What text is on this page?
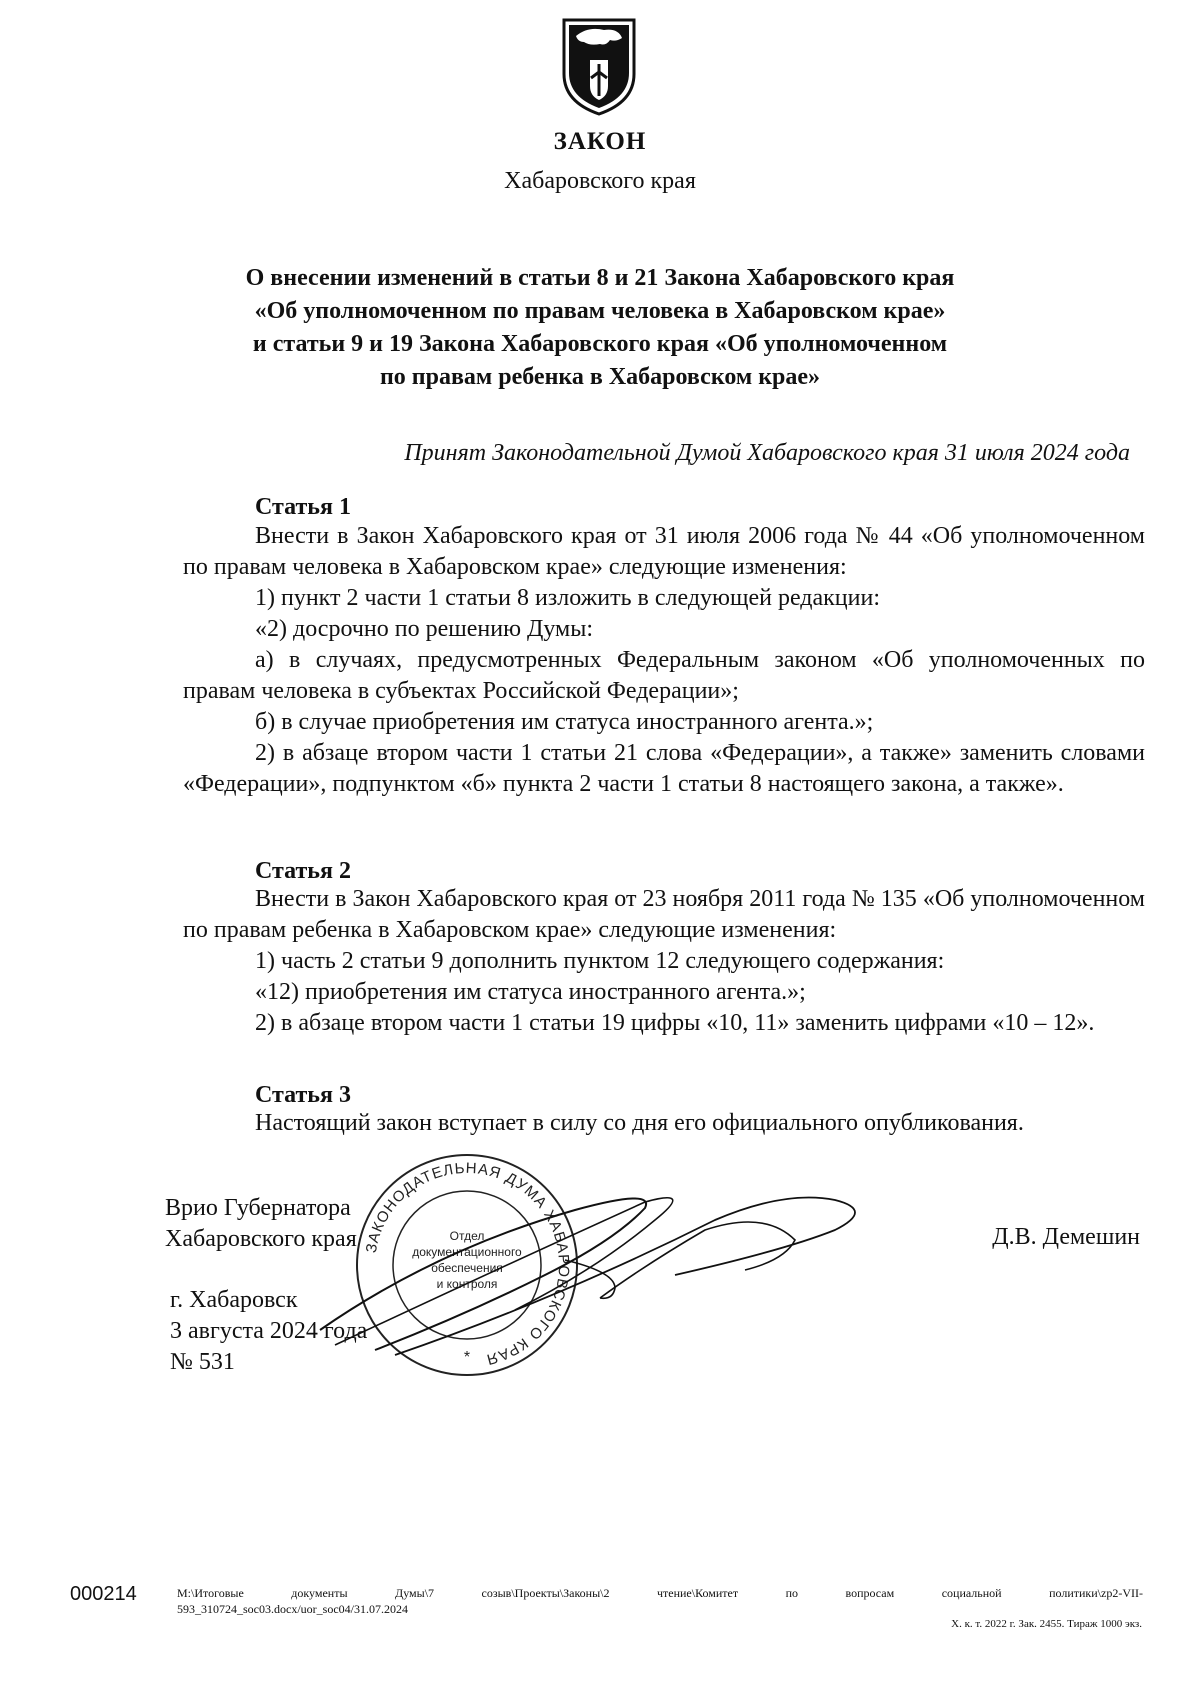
ЗАКОН
Хабаровского края
О внесении изменений в статьи 8 и 21 Закона Хабаровского края
«Об уполномоченном по правам человека в Хабаровском крае»
и статьи 9 и 19 Закона Хабаровского края «Об уполномоченном
по правам ребенка в Хабаровском крае»
Принят Законодательной Думой Хабаровского края 31 июля 2024 года
Статья 1

Внести в Закон Хабаровского края от 31 июля 2006 года № 44 «Об уполномоченном по правам человека в Хабаровском крае» следующие изменения:

1) пункт 2 части 1 статьи 8 изложить в следующей редакции:

«2) досрочно по решению Думы:

а) в случаях, предусмотренных Федеральным законом «Об уполномоченных по правам человека в субъектах Российской Федерации»;

б) в случае приобретения им статуса иностранного агента.»;

2) в абзаце втором части 1 статьи 21 слова «Федерации», а также» заменить словами «Федерации», подпунктом «б» пункта 2 части 1 статьи 8 настоящего закона, а также».

Статья 2

Внести в Закон Хабаровского края от 23 ноября 2011 года № 135 «Об уполномоченном по правам ребенка в Хабаровском крае» следующие изменения:

1) часть 2 статьи 9 дополнить пунктом 12 следующего содержания:

«12) приобретения им статуса иностранного агента.»;

2) в абзаце втором части 1 статьи 19 цифры «10, 11» заменить цифрами «10 – 12».

Статья 3

Настоящий закон вступает в силу со дня его официального опубликования.

Врио Губернатора
Хабаровского края	Д.В. Демешин
г. Хабаровск
3 августа 2024 года
№ 531
ЗАКОНОДАТЕЛЬНАЯ ДУМА ХАБАРОВСКОГО КРАЯ
Отдел
документационного
обеспечения
и контроля
*
000214	M:\Итоговые документы Думы\7 созыв\Проекты\Законы\2 чтение\Комитет по вопросам социальной политики\zp2-VII-
593_310724_soc03.docx/uor_soc04/31.07.2024
Х. к. т. 2022 г. Зак. 2455. Тираж 1000 экз.
